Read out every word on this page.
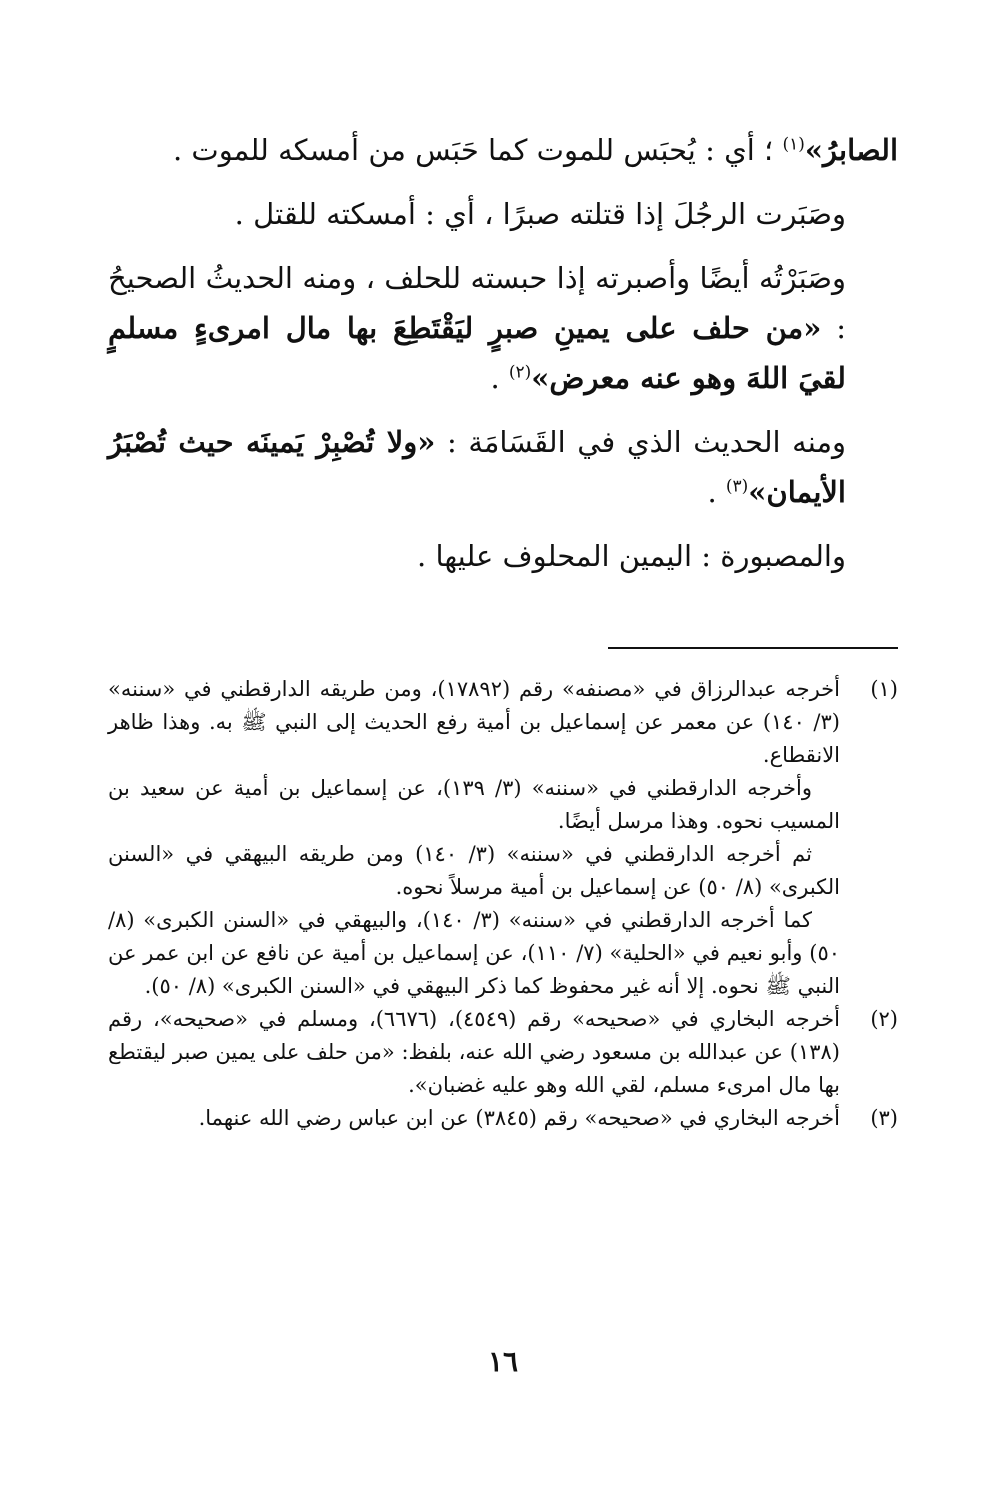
الصابرُ»$^{(١)}$ ؛ أي : يُحبَس للموت كما حَبَس من أمسكه للموت .

وصَبَرت الرجُلَ إذا قتلته صبرًا ، أي : أمسكته للقتل .

وصَبَرْتُه أيضًا وأصبرته إذا حبسته للحلف ، ومنه الحديثُ الصحيحُ : «من حلف على يمينِ صبرٍ ليَقْتَطِعَ بها مال امرىءٍ مسلمٍ لقيَ اللهَ وهو عنه معرض»$^{(٢)}$ .

ومنه الحديث الذي في القَسَامَة : «ولا تُصْبِرْ يَمينَه حيث تُصْبَرُ الأيمان»$^{(٣)}$ .

والمصبورة : اليمين المحلوف عليها .

(١)

أخرجه عبدالرزاق في «مصنفه» رقم (١٧٨٩٢)، ومن طريقه الدارقطني في «سننه» (٣/ ١٤٠) عن معمر عن إسماعيل بن أمية رفع الحديث إلى النبي ﷺ به. وهذا ظاهر الانقطاع.

وأخرجه الدارقطني في «سننه» (٣/ ١٣٩)، عن إسماعيل بن أمية عن سعيد بن المسيب نحوه. وهذا مرسل أيضًا.

ثم أخرجه الدارقطني في «سننه» (٣/ ١٤٠) ومن طريقه البيهقي في «السنن الكبرى» (٨/ ٥٠) عن إسماعيل بن أمية مرسلاً نحوه.

كما أخرجه الدارقطني في «سننه» (٣/ ١٤٠)، والبيهقي في «السنن الكبرى» (٨/ ٥٠) وأبو نعيم في «الحلية» (٧/ ١١٠)، عن إسماعيل بن أمية عن نافع عن ابن عمر عن النبي ﷺ نحوه. إلا أنه غير محفوظ كما ذكر البيهقي في «السنن الكبرى» (٨/ ٥٠).

(٢)

أخرجه البخاري في «صحيحه» رقم (٤٥٤٩)، (٦٦٧٦)، ومسلم في «صحيحه»، رقم (١٣٨) عن عبدالله بن مسعود رضي الله عنه، بلفظ: «من حلف على يمين صبر ليقتطع بها مال امرىء مسلم، لقي الله وهو عليه غضبان».

(٣)

أخرجه البخاري في «صحيحه» رقم (٣٨٤٥) عن ابن عباس رضي الله عنهما.

١٦
